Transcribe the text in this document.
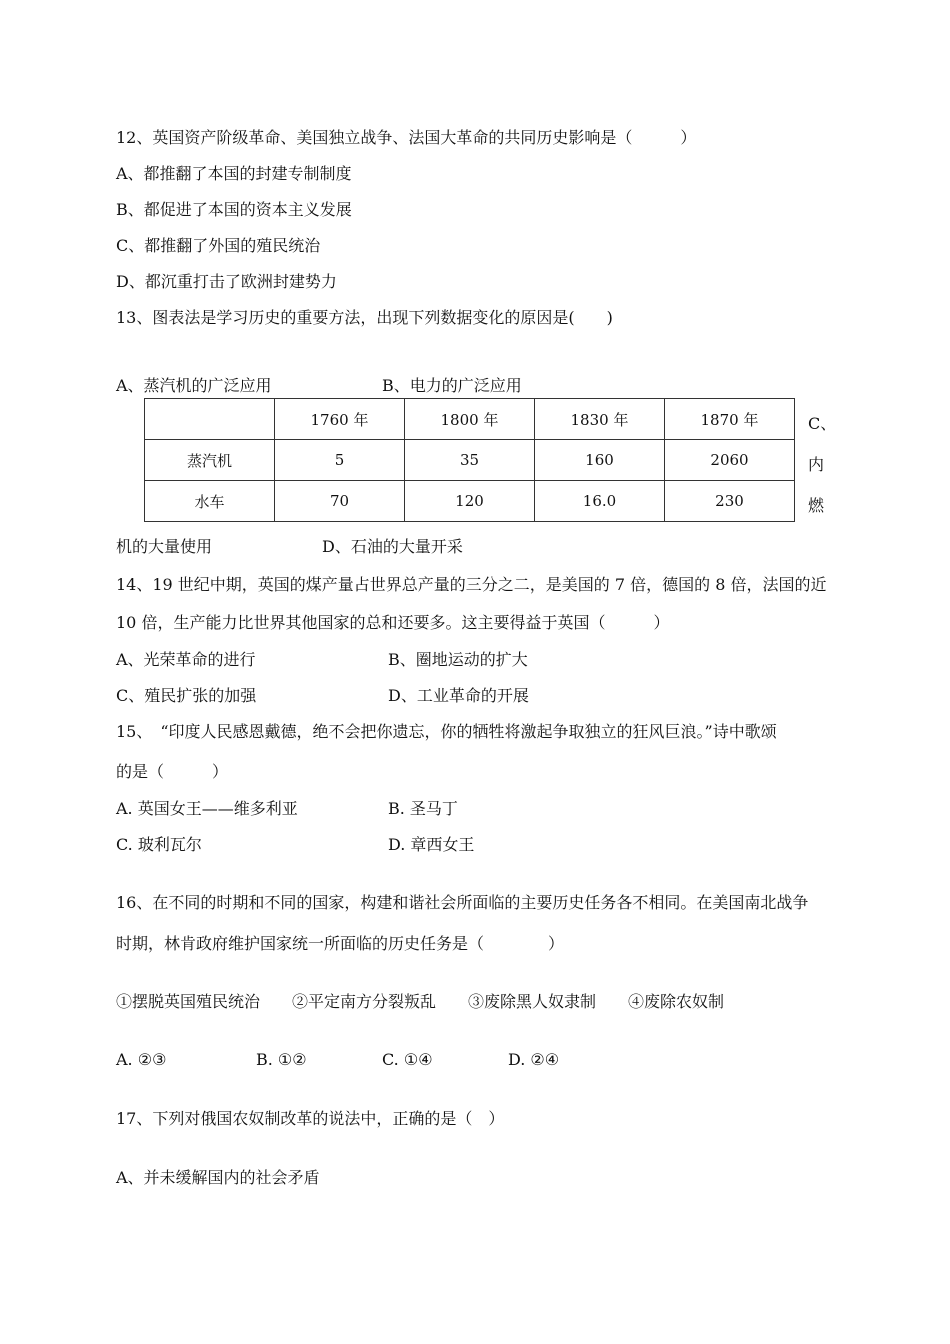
12、英国资产阶级革命、美国独立战争、法国大革命的共同历史影响是（　　　）
A、都推翻了本国的封建专制制度
B、都促进了本国的资本主义发展
C、都推翻了外国的殖民统治
D、都沉重打击了欧洲封建势力
13、图表法是学习历史的重要方法，出现下列数据变化的原因是(　　)
A、蒸汽机的广泛应用	B、电力的广泛应用
	1760 年	1800 年	1830 年	1870 年
蒸汽机	5	35	160	2060
水车	70	120	16.0	230
C、
内
燃
机的大量使用	D、石油的大量开采
14、19 世纪中期，英国的煤产量占世界总产量的三分之二，是美国的 7 倍，德国的 8 倍，法国的近
10 倍，生产能力比世界其他国家的总和还要多。这主要得益于英国（　　　）
A、光荣革命的进行	B、圈地运动的扩大
C、殖民扩张的加强	D、工业革命的开展
15、　“印度人民感恩戴德，绝不会把你遗忘，你的牺牲将激起争取独立的狂风巨浪。”诗中歌颂
的是（　　　）
A. 英国女王——维多利亚	B. 圣马丁
C. 玻利瓦尔	D. 章西女王
16、在不同的时期和不同的国家，构建和谐社会所面临的主要历史任务各不相同。在美国南北战争
时期，林肯政府维护国家统一所面临的历史任务是（　　　　）
①摆脱英国殖民统治　　②平定南方分裂叛乱　　③废除黑人奴隶制　　④废除农奴制
A. ②③	B. ①②	C. ①④	D. ②④
17、下列对俄国农奴制改革的说法中，正确的是（　）
A、并未缓解国内的社会矛盾
